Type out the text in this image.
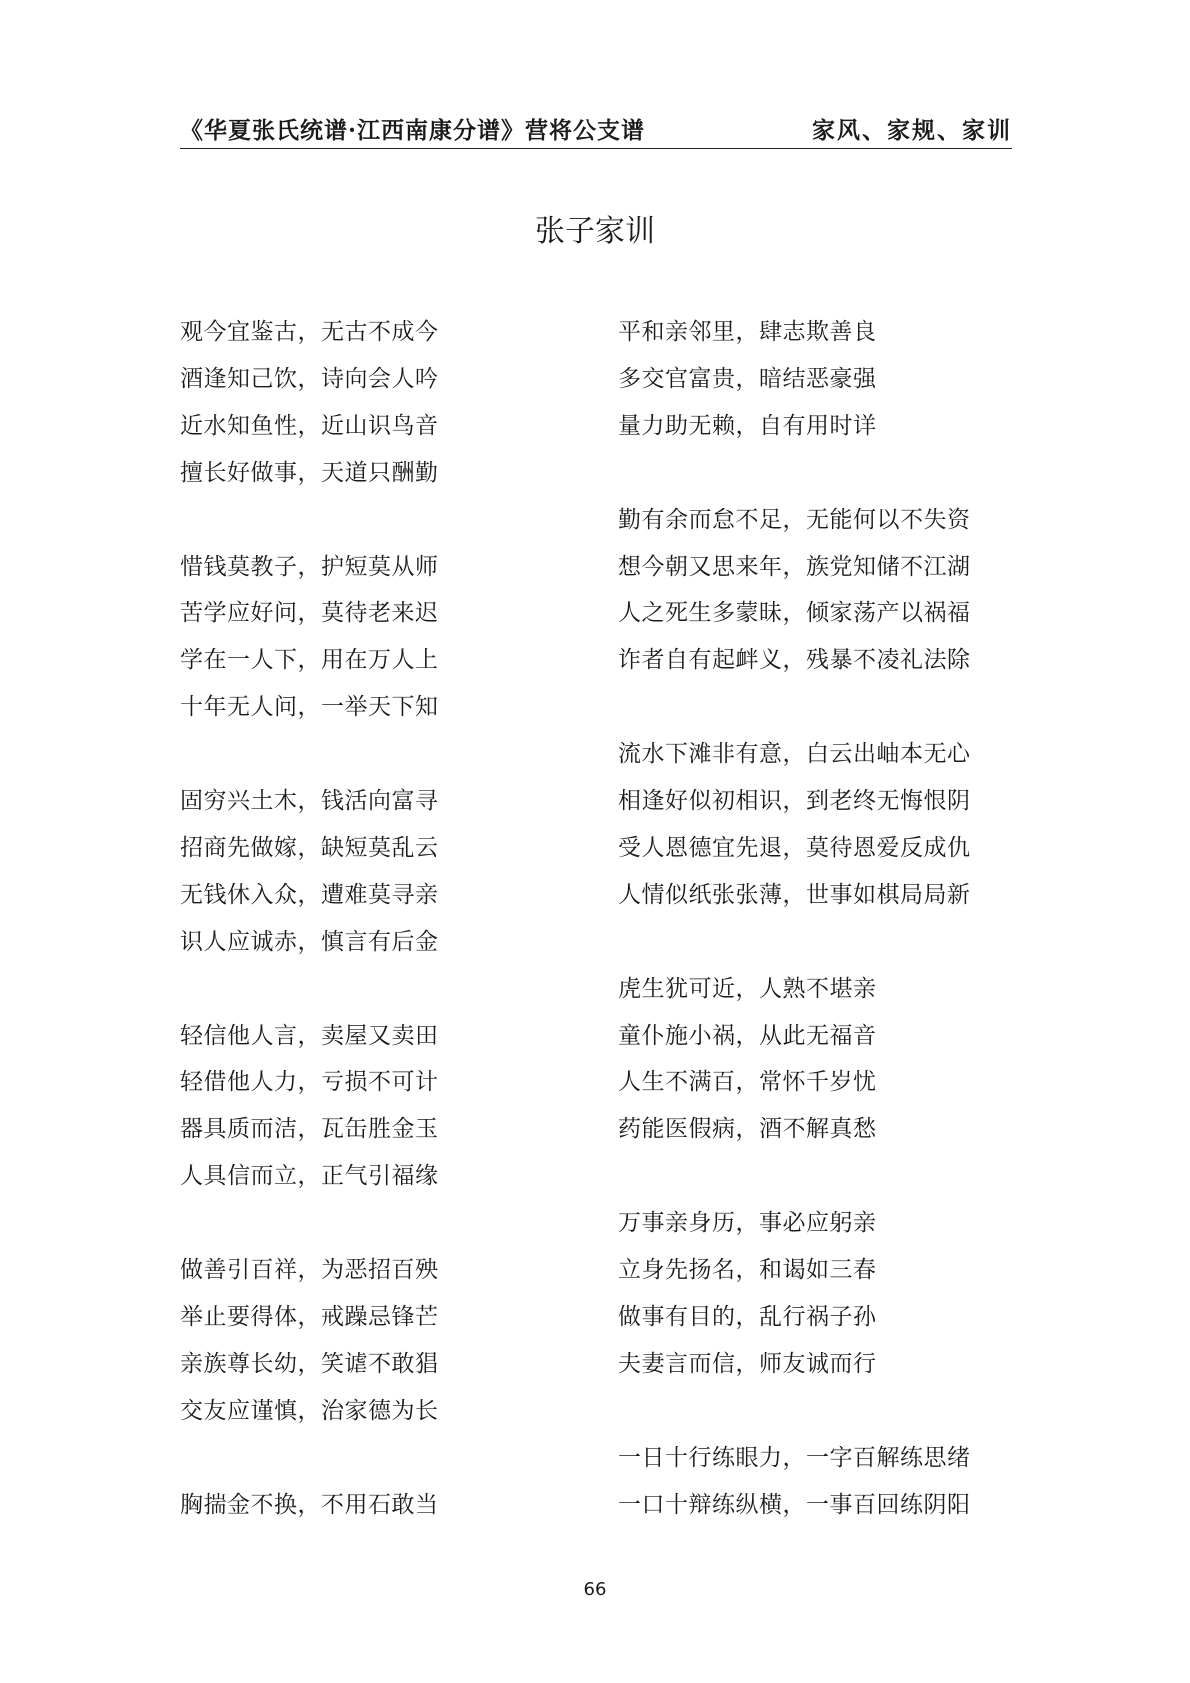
《华夏张氏统谱·江西南康分谱》营将公支谱	家风、家规、家训
张子家训
观今宜鉴古，无古不成今
酒逢知己饮，诗向会人吟
近水知鱼性，近山识鸟音
擅长好做事，天道只酬勤
惜钱莫教子，护短莫从师
苦学应好问，莫待老来迟
学在一人下，用在万人上
十年无人问，一举天下知
固穷兴土木，钱活向富寻
招商先做嫁，缺短莫乱云
无钱休入众，遭难莫寻亲
识人应诚赤，慎言有后金
轻信他人言，卖屋又卖田
轻借他人力，亏损不可计
器具质而洁，瓦缶胜金玉
人具信而立，正气引福缘
做善引百祥，为恶招百殃
举止要得体，戒躁忌锋芒
亲族尊长幼，笑谑不敢猖
交友应谨慎，治家德为长
胸揣金不换，不用石敢当
平和亲邻里，肆志欺善良
多交官富贵，暗结恶豪强
量力助无赖，自有用时详
勤有余而怠不足，无能何以不失资
想今朝又思来年，族党知储不江湖
人之死生多蒙昧，倾家荡产以祸福
诈者自有起衅义，残暴不凌礼法除
流水下滩非有意，白云出岫本无心
相逢好似初相识，到老终无悔恨阴
受人恩德宜先退，莫待恩爱反成仇
人情似纸张张薄，世事如棋局局新
虎生犹可近，人熟不堪亲
童仆施小祸，从此无福音
人生不满百，常怀千岁忧
药能医假病，酒不解真愁
万事亲身历，事必应躬亲
立身先扬名，和谒如三春
做事有目的，乱行祸子孙
夫妻言而信，师友诚而行
一日十行练眼力，一字百解练思绪
一口十辩练纵横，一事百回练阴阳
66
